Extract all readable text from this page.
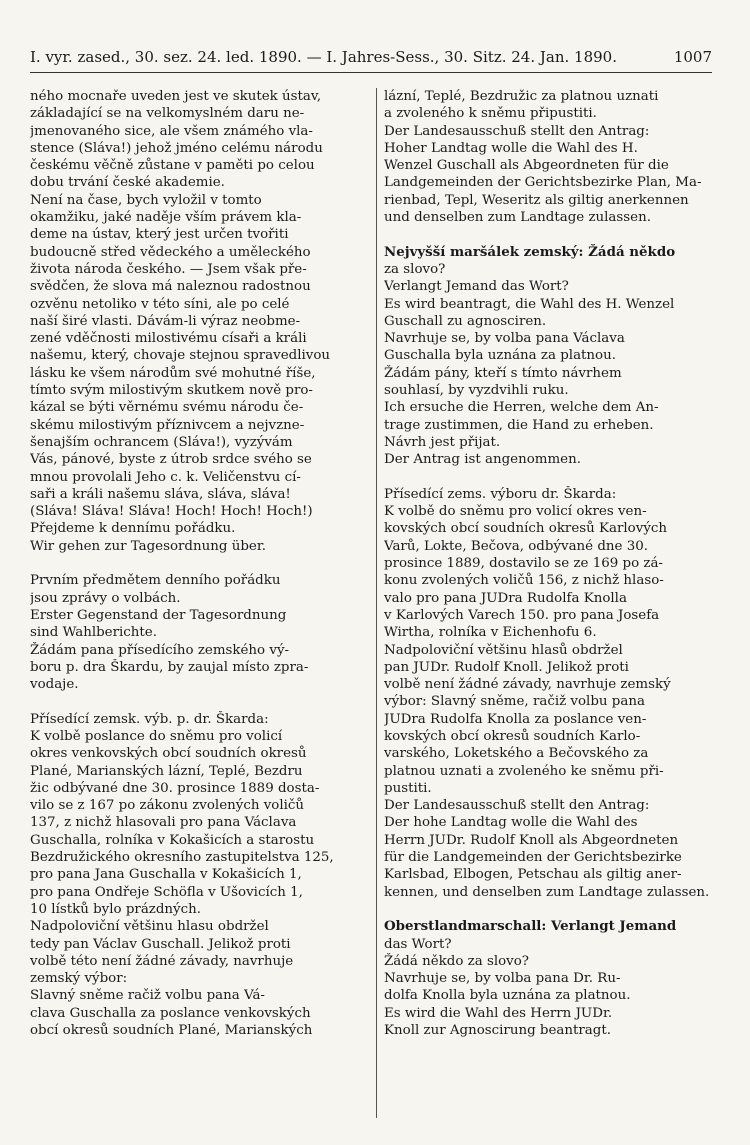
I. vyr. zased., 30. sez. 24. led. 1890. — I. Jahres-Sess., 30. Sitz. 24. Jan. 1890.	1007
ného mocnaře uveden jest ve skutek ústav,
základající se na velkomyslném daru ne-
jmenovaného sice, ale všem známého vla-
stence (Sláva!) jehož jméno celému národu
českému věčně zůstane v paměti po celou
dobu trvání české akademie.
Není na čase, bych vyložil v tomto
okamžiku, jaké naděje vším právem kla-
deme na ústav, který jest určen tvořiti
budoucně střed vědeckého a uměleckého
života národa českého. — Jsem však pře-
svědčen, že slova má naleznou radostnou
ozvěnu netoliko v této síni, ale po celé
naší širé vlasti. Dávám-li výraz neobme-
zené vděčnosti milostivému císaři a králi
našemu, který, chovaje stejnou spravedlivou
lásku ke všem národům své mohutné říše,
tímto svým milostivým skutkem nově pro-
kázal se býti věrnému svému národu če-
skému milostivým příznivcem a nejvzne-
šenajším ochrancem (Sláva!), vyzývám
Vás, pánové, byste z útrob srdce svého se
mnou provolali Jeho c. k. Veličenstvu cí-
saři a králi našemu sláva, sláva, sláva!
(Sláva! Sláva! Sláva! Hoch! Hoch! Hoch!)
Přejdeme k dennímu pořádku.
Wir gehen zur Tagesordnung über.
Prvním předmětem denního pořádku
jsou zprávy o volbách.
Erster Gegenstand der Tagesordnung
sind Wahlberichte.
Žádám pana přísedícího zemského vý-
boru p. dra Škardu, by zaujal místo zpra-
vodaje.
Přísedící zemsk. výb. p. dr. Škarda:
K volbě poslance do sněmu pro volicí
okres venkovských obcí soudních okresů
Plané, Marianských lázní, Teplé, Bezdru
žic odbývané dne 30. prosince 1889 dosta-
vilo se z 167 po zákonu zvolených voličů
137, z nichž hlasovali pro pana Václava
Guschalla, rolníka v Kokašicích a starostu
Bezdružického okresního zastupitelstva 125,
pro pana Jana Guschalla v Kokašicích 1,
pro pana Ondřeje Schöfla v Ušovicích 1,
10 lístků bylo prázdných.
Nadpoloviční většinu hlasu obdržel
tedy pan Václav Guschall. Jelikož proti
volbě této není žádné závady, navrhuje
zemský výbor:
Slavný sněme račiž volbu pana Vá-
clava Guschalla za poslance venkovských
obcí okresů soudních Plané, Marianských
lázní, Teplé, Bezdružic za platnou uznati
a zvoleného k sněmu připustiti.
Der Landesausschuß stellt den Antrag:
Hoher Landtag wolle die Wahl des H.
Wenzel Guschall als Abgeordneten für die
Landgemeinden der Gerichtsbezirke Plan, Ma-
rienbad, Tepl, Weseritz als giltig anerkennen
und denselben zum Landtage zulassen.
Nejvyšší maršálek zemský: Žádá někdo
za slovo?
Verlangt Jemand das Wort?
Es wird beantragt, die Wahl des H. Wenzel
Guschall zu agnosciren.
Navrhuje se, by volba pana Václava
Guschalla byla uznána za platnou.
Žádám pány, kteří s tímto návrhem
souhlasí, by vyzdvihli ruku.
Ich ersuche die Herren, welche dem An-
trage zustimmen, die Hand zu erheben.
Návrh jest přijat.
Der Antrag ist angenommen.
Přísedící zems. výboru dr. Škarda:
K volbě do sněmu pro volicí okres ven-
kovských obcí soudních okresů Karlových
Varů, Lokte, Bečova, odbývané dne 30.
prosince 1889, dostavilo se ze 169 po zá-
konu zvolených voličů 156, z nichž hlaso-
valo pro pana JUDra Rudolfa Knolla
v Karlových Varech 150. pro pana Josefa
Wirtha, rolníka v Eichenhofu 6.
Nadpoloviční většinu hlasů obdržel
pan JUDr. Rudolf Knoll. Jelikož proti
volbě není žádné závady, navrhuje zemský
výbor: Slavný sněme, račiž volbu pana
JUDra Rudolfa Knolla za poslance ven-
kovských obcí okresů soudních Karlo-
varského, Loketského a Bečovského za
platnou uznati a zvoleného ke sněmu při-
pustiti.
Der Landesausschuß stellt den Antrag:
Der hohe Landtag wolle die Wahl des
Herrn JUDr. Rudolf Knoll als Abgeordneten
für die Landgemeinden der Gerichtsbezirke
Karlsbad, Elbogen, Petschau als giltig aner-
kennen, und denselben zum Landtage zulassen.
Oberstlandmarschall: Verlangt Jemand
das Wort?
Žádá někdo za slovo?
Navrhuje se, by volba pana Dr. Ru-
dolfa Knolla byla uznána za platnou.
Es wird die Wahl des Herrn JUDr.
Knoll zur Agnoscirung beantragt.
